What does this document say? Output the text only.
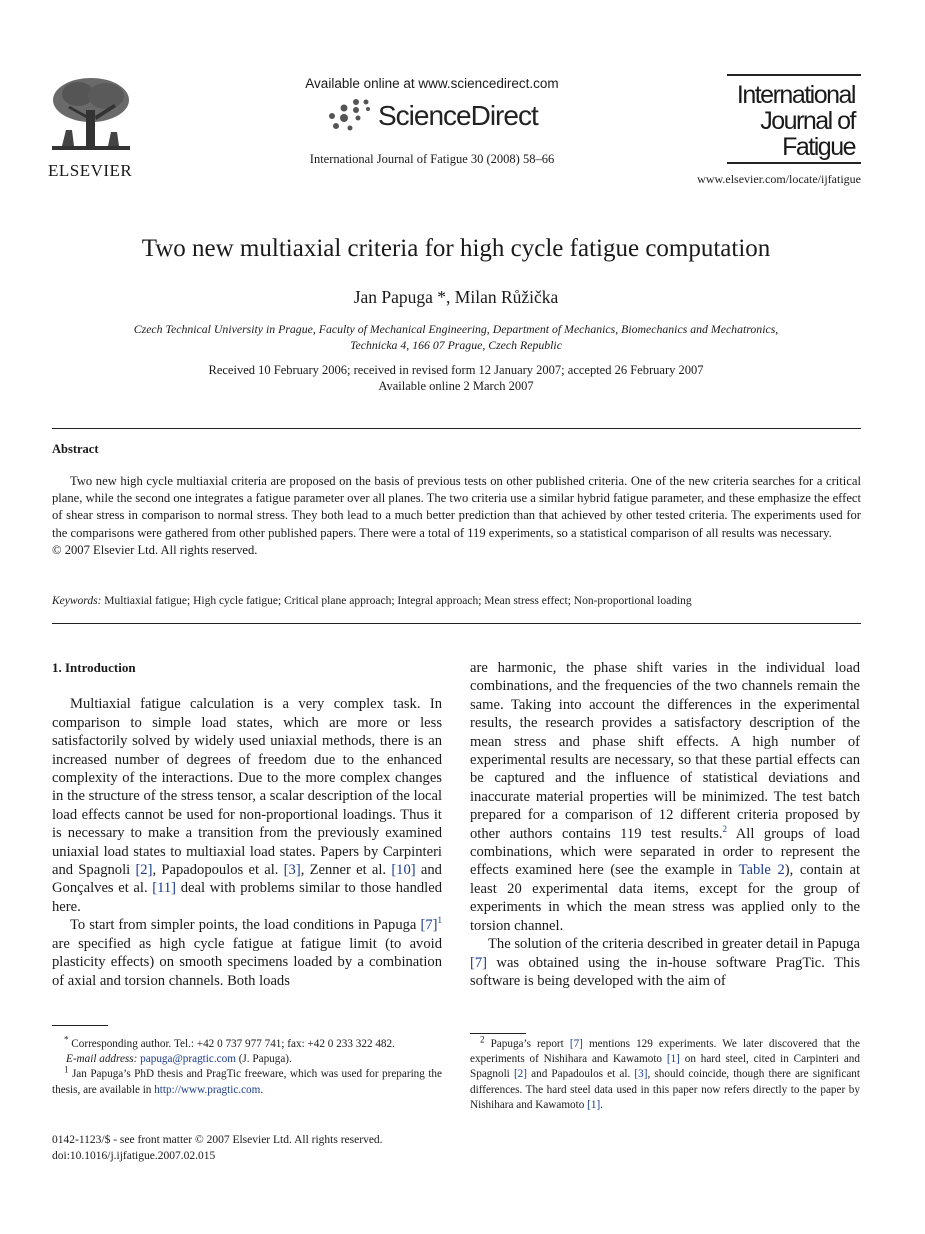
ELSEVIER
Available online at www.sciencedirect.com
ScienceDirect
International Journal of Fatigue 30 (2008) 58–66
International
Journal of
Fatigue
www.elsevier.com/locate/ijfatigue
Two new multiaxial criteria for high cycle fatigue computation
Jan Papuga *, Milan Růžička
Czech Technical University in Prague, Faculty of Mechanical Engineering, Department of Mechanics, Biomechanics and Mechatronics,
Technicka 4, 166 07 Prague, Czech Republic
Received 10 February 2006; received in revised form 12 January 2007; accepted 26 February 2007
Available online 2 March 2007
Abstract
Two new high cycle multiaxial criteria are proposed on the basis of previous tests on other published criteria. One of the new criteria searches for a critical plane, while the second one integrates a fatigue parameter over all planes. The two criteria use a similar hybrid fatigue parameter, and these emphasize the effect of shear stress in comparison to normal stress. They both lead to a much better prediction than that achieved by other tested criteria. The experiments used for the comparisons were gathered from other published papers. There were a total of 119 experiments, so a statistical comparison of all results was necessary.
© 2007 Elsevier Ltd. All rights reserved.
Keywords: Multiaxial fatigue; High cycle fatigue; Critical plane approach; Integral approach; Mean stress effect; Non-proportional loading
1. Introduction

Multiaxial fatigue calculation is a very complex task. In comparison to simple load states, which are more or less satisfactorily solved by widely used uniaxial methods, there is an increased number of degrees of freedom due to the enhanced complexity of the interactions. Due to the more complex changes in the structure of the stress tensor, a scalar description of the local load effects cannot be used for non-proportional loadings. Thus it is necessary to make a transition from the previously examined uniaxial load states to multiaxial load states. Papers by Carpinteri and Spagnoli [2], Papadopoulos et al. [3], Zenner et al. [10] and Gonçalves et al. [11] deal with problems similar to those handled here.

To start from simpler points, the load conditions in Papuga $[7]^1$ are specified as high cycle fatigue at fatigue limit (to avoid plasticity effects) on smooth specimens loaded by a combination of axial and torsion channels. Both loads

are harmonic, the phase shift varies in the individual load combinations, and the frequencies of the two channels remain the same. Taking into account the differences in the experimental results, the research provides a satisfactory description of the mean stress and phase shift effects. A high number of experimental results are necessary, so that these partial effects can be captured and the influence of statistical deviations and inaccurate material properties will be minimized. The test batch prepared for a comparison of 12 different criteria proposed by other authors contains 119 test results.$^2$ All groups of load combinations, which were separated in order to represent the effects examined here (see the example in Table 2), contain at least 20 experimental data items, except for the group of experiments in which the mean stress was applied only to the torsion channel.

The solution of the criteria described in greater detail in Papuga [7] was obtained using the in-house software PragTic. This software is being developed with the aim of

* Corresponding author. Tel.: +42 0 737 977 741; fax: +42 0 233 322 482.

E-mail address: papuga@pragtic.com (J. Papuga).

$^1$ Jan Papuga’s PhD thesis and PragTic freeware, which was used for preparing the thesis, are available in http://www.pragtic.com.

$^2$ Papuga’s report [7] mentions 129 experiments. We later discovered that the experiments of Nishihara and Kawamoto [1] on hard steel, cited in Carpinteri and Spagnoli [2] and Papadoulos et al. [3], should coincide, though there are significant differences. The hard steel data used in this paper now refers directly to the paper by Nishihara and Kawamoto [1].

0142-1123/$ - see front matter © 2007 Elsevier Ltd. All rights reserved.
doi:10.1016/j.ijfatigue.2007.02.015
